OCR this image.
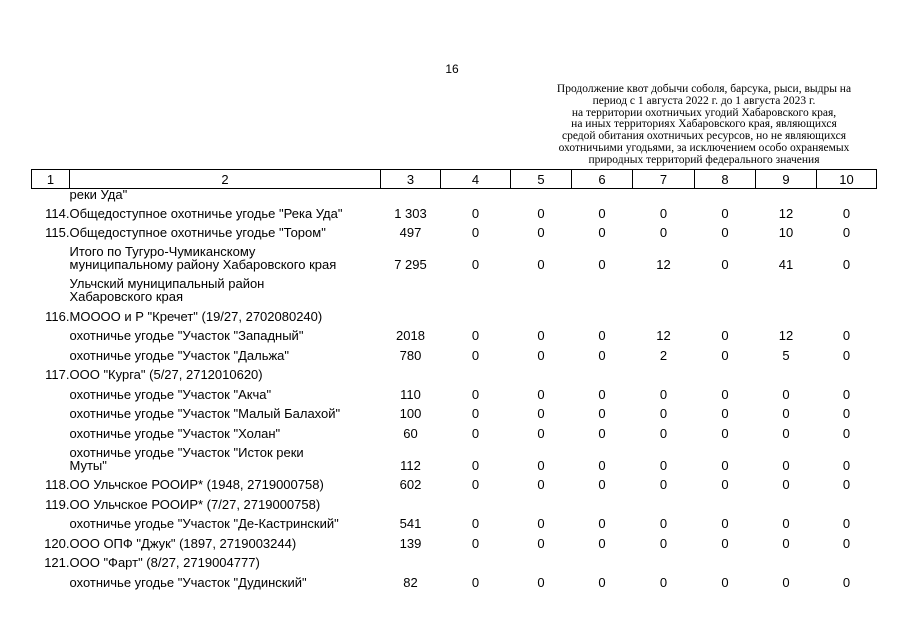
16
Продолжение квот добычи соболя, барсука, рыси, выдры на
период с 1 августа 2022 г. до 1 августа 2023 г.
на территории охотничьих угодий Хабаровского края,
на иных территориях Хабаровского края, являющихся
средой обитания охотничьих ресурсов, но не являющихся
охотничьими угодьями, за исключением особо охраняемых
природных территорий федерального значения
1	2	3	4	5	6	7	8	9	10
	реки Уда"								
114.	Общедоступное охотничье угодье "Река Уда"	1 303	0	0	0	0	0	12	0
115.	Общедоступное охотничье угодье "Тором"	497	0	0	0	0	0	10	0
	Итого по Тугуро-Чумиканскому
муниципальному району Хабаровского края	7 295	0	0	0	12	0	41	0
	Ульчский муниципальный район
Хабаровского края								
116.	МОООО и Р "Кречет" (19/27, 2702080240)								
	охотничье угодье "Участок "Западный"	2018	0	0	0	12	0	12	0
	охотничье угодье "Участок "Дальжа"	780	0	0	0	2	0	5	0
117.	ООО "Курга" (5/27, 2712010620)								
	охотничье угодье "Участок "Акча"	110	0	0	0	0	0	0	0
	охотничье угодье "Участок "Малый Балахой"	100	0	0	0	0	0	0	0
	охотничье угодье "Участок "Холан"	60	0	0	0	0	0	0	0
	охотничье угодье "Участок "Исток реки
Муты"	112	0	0	0	0	0	0	0
118.	ОО Ульчское РООИР* (1948, 2719000758)	602	0	0	0	0	0	0	0
119.	ОО Ульчское РООИР* (7/27, 2719000758)								
	охотничье угодье "Участок "Де-Кастринский"	541	0	0	0	0	0	0	0
120.	ООО ОПФ "Джук" (1897, 2719003244)	139	0	0	0	0	0	0	0
121.	ООО "Фарт" (8/27, 2719004777)								
	охотничье угодье "Участок "Дудинский"	82	0	0	0	0	0	0	0
